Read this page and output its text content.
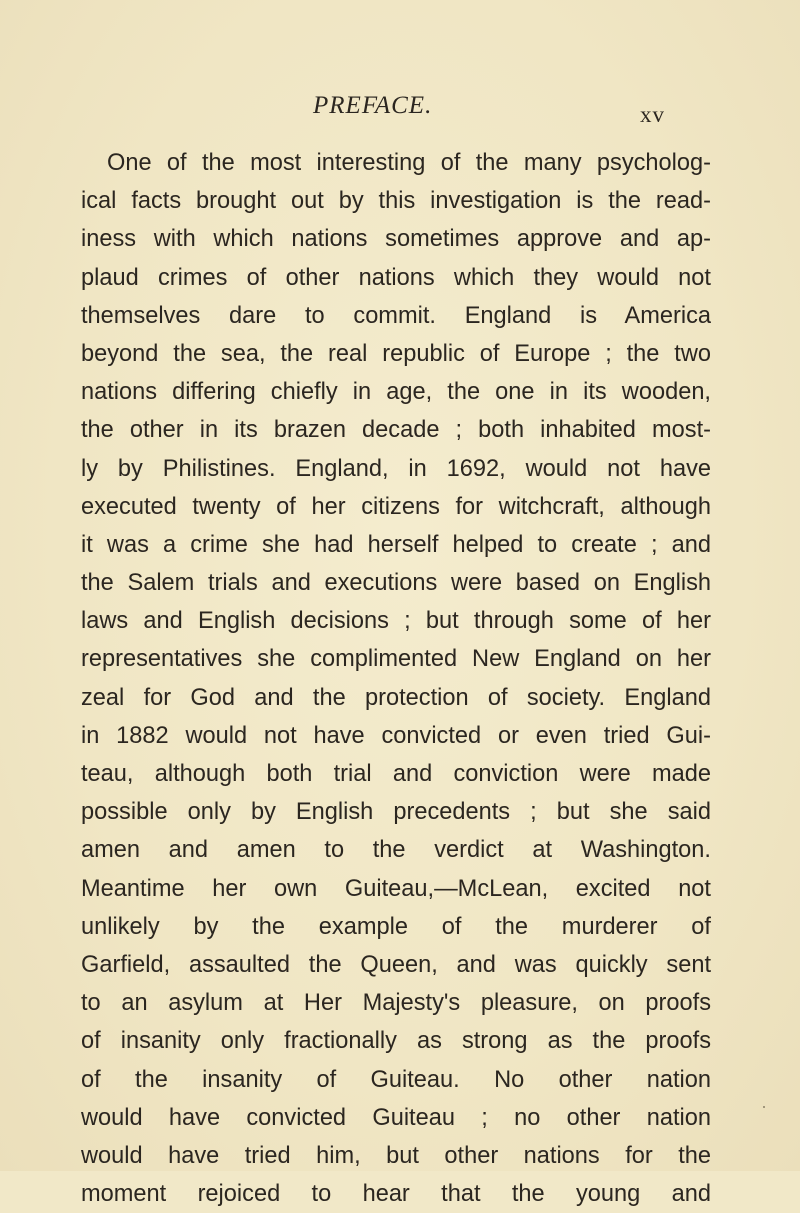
PREFACE.	xv
One of the most interesting of the many psycholog-
ical facts brought out by this investigation is the read-
iness with which nations sometimes approve and ap-
plaud crimes of other nations which they would not
themselves dare to commit. England is America
beyond the sea, the real republic of Europe ; the two
nations differing chiefly in age, the one in its wooden,
the other in its brazen decade ; both inhabited most-
ly by Philistines. England, in 1692, would not have
executed twenty of her citizens for witchcraft, although
it was a crime she had herself helped to create ; and
the Salem trials and executions were based on English
laws and English decisions ; but through some of her
representatives she complimented New England on her
zeal for God and the protection of society. England
in 1882 would not have convicted or even tried Gui-
teau, although both trial and conviction were made
possible only by English precedents ; but she said
amen and amen to the verdict at Washington.
Meantime her own Guiteau,—McLean, excited not
unlikely by the example of the murderer of
Garfield, assaulted the Queen, and was quickly sent
to an asylum at Her Majesty's pleasure, on proofs
of insanity only fractionally as strong as the proofs
of the insanity of Guiteau. No other nation
would have convicted Guiteau ; no other nation
would have tried him, but other nations for the
moment rejoiced to hear that the young and
